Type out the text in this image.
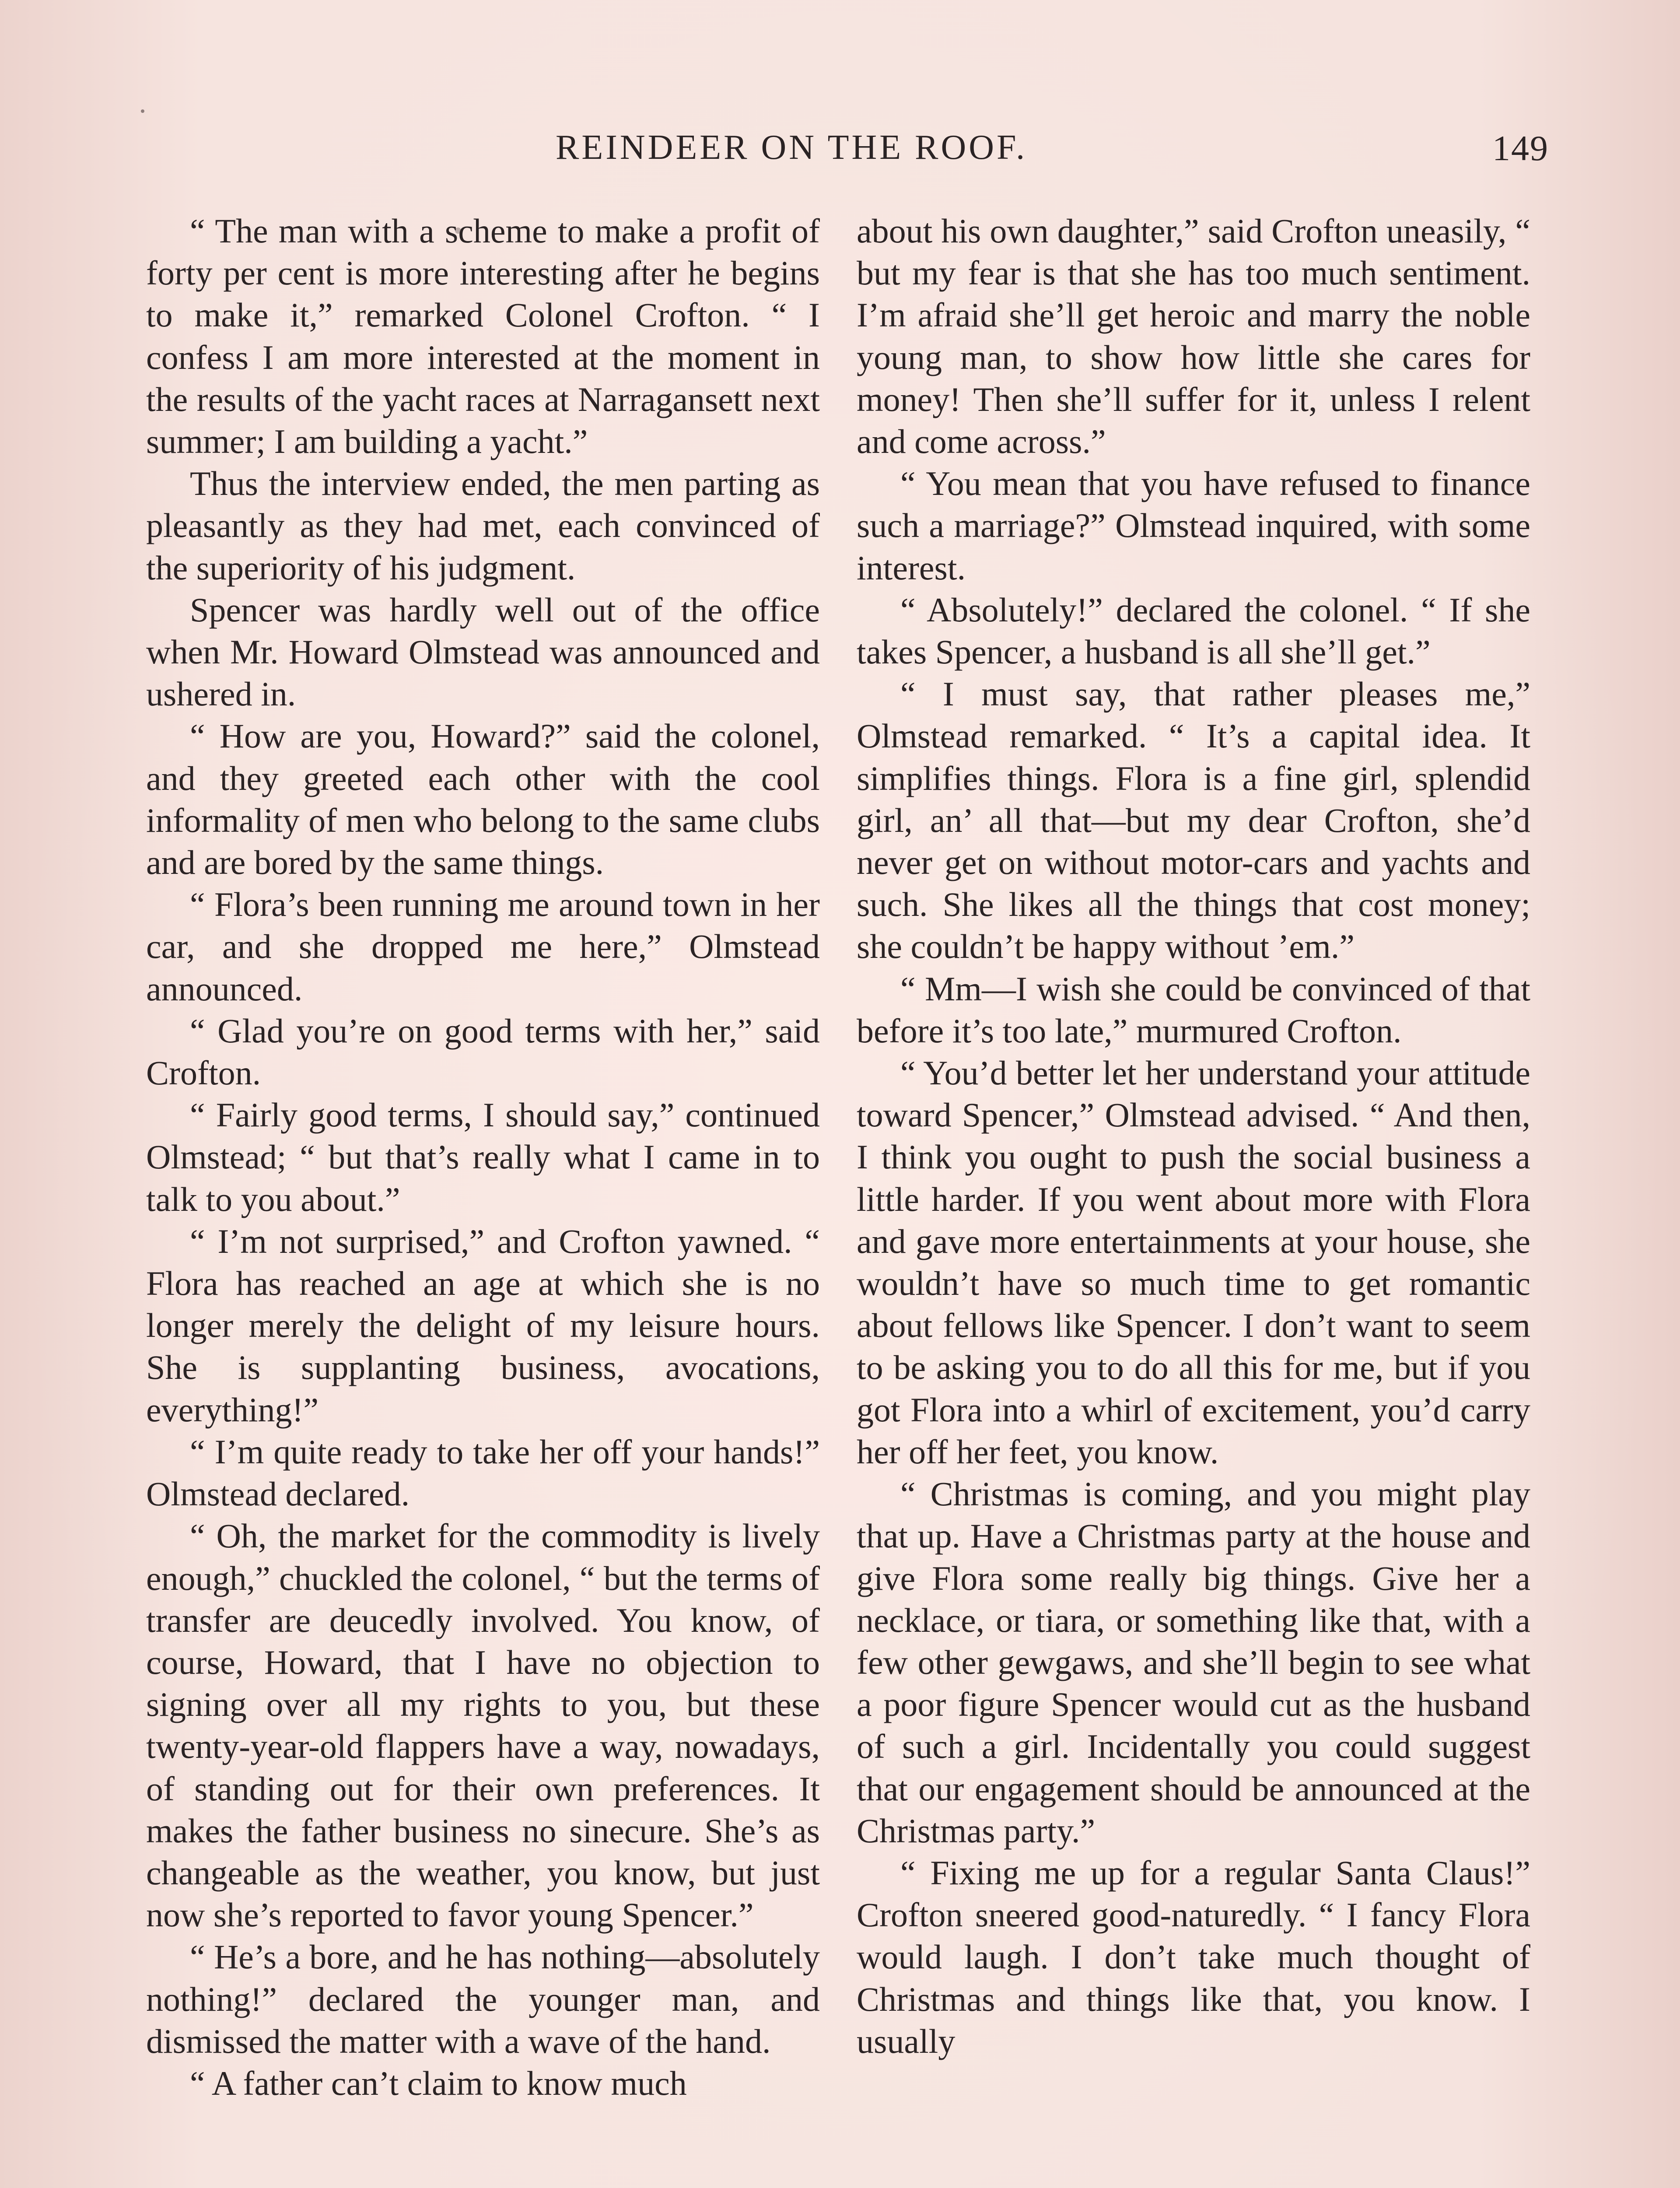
REINDEER ON THE ROOF.	149

“ The man with a scheme to make a profit of forty per cent is more interesting after he begins to make it,” remarked Colonel Crofton. “ I confess I am more interested at the moment in the results of the yacht races at Narragansett next summer; I am building a yacht.”

Thus the interview ended, the men parting as pleasantly as they had met, each convinced of the superiority of his judgment.

Spencer was hardly well out of the office when Mr. Howard Olmstead was announced and ushered in.

“ How are you, Howard?” said the colonel, and they greeted each other with the cool informality of men who belong to the same clubs and are bored by the same things.

“ Flora’s been running me around town in her car, and she dropped me here,” Olmstead announced.

“ Glad you’re on good terms with her,” said Crofton.

“ Fairly good terms, I should say,” continued Olmstead; “ but that’s really what I came in to talk to you about.”

“ I’m not surprised,” and Crofton yawned. “ Flora has reached an age at which she is no longer merely the delight of my leisure hours. She is supplanting business, avocations, everything!”

“ I’m quite ready to take her off your hands!” Olmstead declared.

“ Oh, the market for the commodity is lively enough,” chuckled the colonel, “ but the terms of transfer are deucedly involved. You know, of course, Howard, that I have no objection to signing over all my rights to you, but these twenty-year-old flappers have a way, nowadays, of standing out for their own preferences. It makes the father business no sinecure. She’s as changeable as the weather, you know, but just now she’s reported to favor young Spencer.”

“ He’s a bore, and he has nothing—absolutely nothing!” declared the younger man, and dismissed the matter with a wave of the hand.

“ A father can’t claim to know much

about his own daughter,” said Crofton uneasily, “ but my fear is that she has too much sentiment. I’m afraid she’ll get heroic and marry the noble young man, to show how little she cares for money! Then she’ll suffer for it, unless I relent and come across.”

“ You mean that you have refused to finance such a marriage?” Olmstead inquired, with some interest.

“ Absolutely!” declared the colonel. “ If she takes Spencer, a husband is all she’ll get.”

“ I must say, that rather pleases me,” Olmstead remarked. “ It’s a capital idea. It simplifies things. Flora is a fine girl, splendid girl, an’ all that—but my dear Crofton, she’d never get on without motor-cars and yachts and such. She likes all the things that cost money; she couldn’t be happy without ’em.”

“ Mm—I wish she could be convinced of that before it’s too late,” murmured Crofton.

“ You’d better let her understand your attitude toward Spencer,” Olmstead advised. “ And then, I think you ought to push the social business a little harder. If you went about more with Flora and gave more entertainments at your house, she wouldn’t have so much time to get romantic about fellows like Spencer. I don’t want to seem to be asking you to do all this for me, but if you got Flora into a whirl of excitement, you’d carry her off her feet, you know.

“ Christmas is coming, and you might play that up. Have a Christmas party at the house and give Flora some really big things. Give her a necklace, or tiara, or something like that, with a few other gewgaws, and she’ll begin to see what a poor figure Spencer would cut as the husband of such a girl. Incidentally you could suggest that our engagement should be announced at the Christmas party.”

“ Fixing me up for a regular Santa Claus!” Crofton sneered good-naturedly. “ I fancy Flora would laugh. I don’t take much thought of Christmas and things like that, you know. I usually
